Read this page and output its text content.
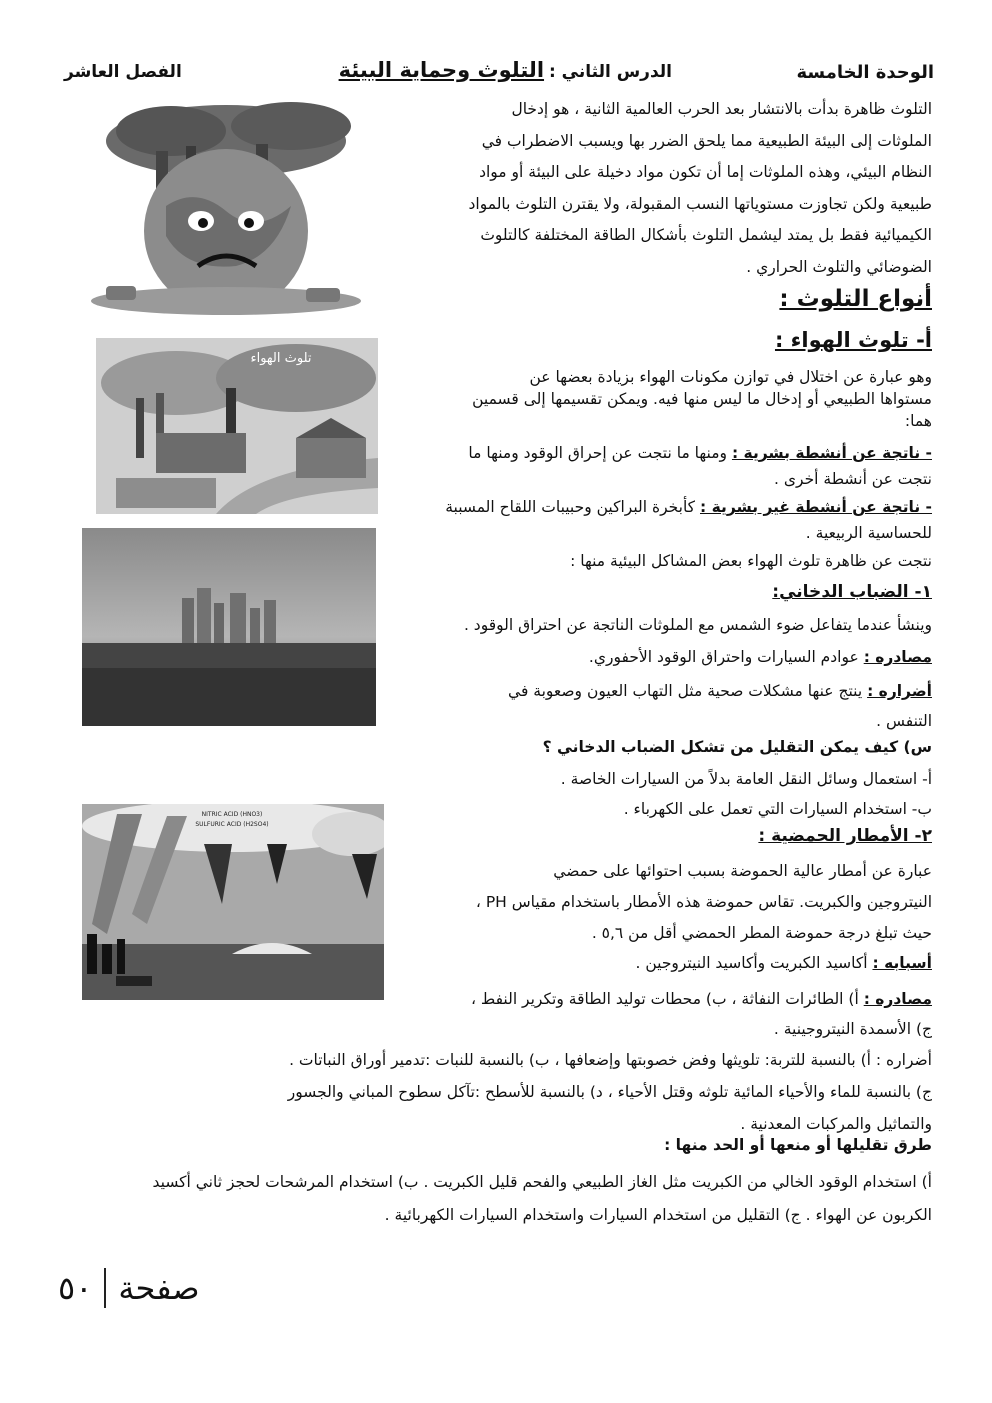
الوحدة الخامسة
الدرس الثاني : التلوث وحماية البيئة
الفصل العاشر
التلوث ظاهرة بدأت بالانتشار بعد الحرب العالمية الثانية ، هو إدخال
الملوثات إلى البيئة الطبيعية مما يلحق الضرر بها ويسبب الاضطراب في
النظام البيئي، وهذه الملوثات إما أن تكون مواد دخيلة على البيئة أو مواد
طبيعية ولكن تجاوزت مستوياتها النسب المقبولة، ولا يقترن التلوث بالمواد
الكيميائية فقط بل يمتد ليشمل التلوث بأشكال الطاقة المختلفة كالتلوث
الضوضائي والتلوث الحراري .
أنواع التلوث :
أ- تلوث الهواء :
تلوث الهواء
وهو عبارة عن اختلال في توازن مكونات الهواء بزيادة بعضها عن
مستواها الطبيعي أو إدخال ما ليس منها فيه. ويمكن تقسيمها إلى قسمين
هما:
- ناتجة عن أنشطة بشرية : ومنها ما نتجت عن إحراق الوقود ومنها ما
نتجت عن أنشطة أخرى .
- ناتجة عن أنشطة غير بشرية : كأبخرة البراكين وحبيبات اللقاح المسببة
للحساسية الربيعية .
نتجت عن ظاهرة تلوث الهواء بعض المشاكل البيئية منها :
١- الضباب الدخاني:
وينشأ عندما يتفاعل ضوء الشمس مع الملوثات الناتجة عن احتراق الوقود .
مصادره : عوادم السيارات واحتراق الوقود الأحفوري.
أضراره : ينتج عنها مشكلات صحية مثل التهاب العيون وصعوبة في
التنفس .
س) كيف يمكن التقليل من تشكل الضباب الدخاني ؟
أ- استعمال وسائل النقل العامة بدلاً من السيارات الخاصة .
ب- استخدام السيارات التي تعمل على الكهرباء .
NITRIC ACID (HNO3)
SULFURIC ACID (H2SO4)
٢- الأمطار الحمضية :
عبارة عن أمطار عالية الحموضة بسبب احتوائها على حمضي
النيتروجين والكبريت. تقاس حموضة هذه الأمطار باستخدام مقياس PH ،
حيث تبلغ درجة حموضة المطر الحمضي أقل من ٥,٦ .
أسبابه : أكاسيد الكبريت وأكاسيد النيتروجين .
مصادره : أ) الطائرات النفاثة ، ب) محطات توليد الطاقة وتكرير النفط ،
ج) الأسمدة النيتروجينية .
أضراره : أ) بالنسبة للتربة: تلويثها وفض خصوبتها وإضعافها ، ب) بالنسبة للنبات :تدمير أوراق النباتات .
ج) بالنسبة للماء والأحياء المائية تلوثه وقتل الأحياء ، د) بالنسبة للأسطح :تآكل سطوح المباني والجسور
والتماثيل والمركبات المعدنية .
طرق تقليلها أو منعها أو الحد منها :
أ) استخدام الوقود الخالي من الكبريت مثل الغاز الطبيعي والفحم قليل الكبريت . ب) استخدام المرشحات لحجز ثاني أكسيد
الكربون عن الهواء . ج) التقليل من استخدام السيارات واستخدام السيارات الكهربائية .
صفحة
٥٠
